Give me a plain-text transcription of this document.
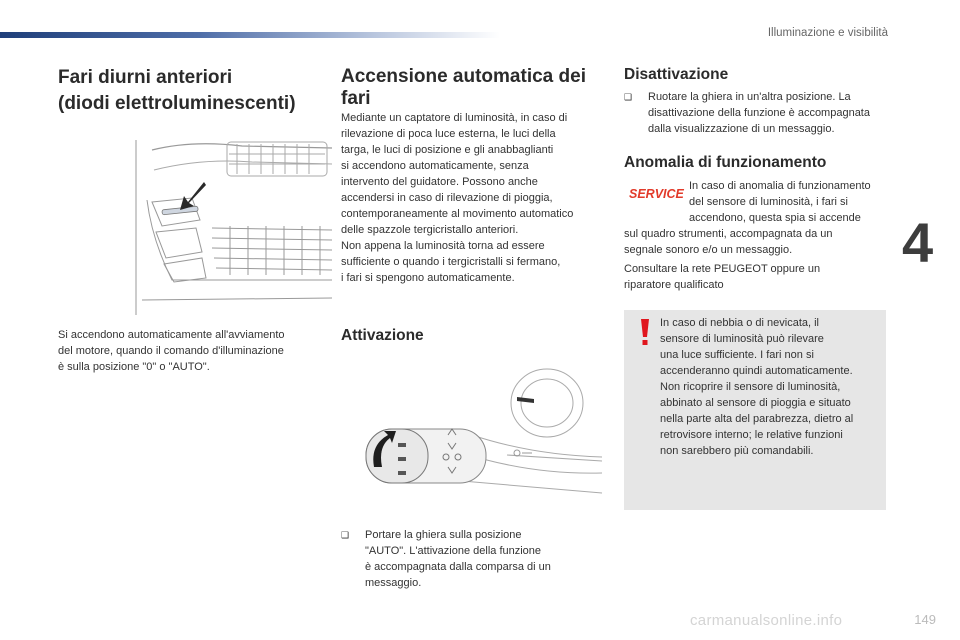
Illuminazione e visibilità
4
Fari diurni anteriori
(diodi elettroluminescenti)
Si accendono automaticamente all'avviamento
del motore, quando il comando d'illuminazione
è sulla posizione "0" o "AUTO".
Accensione automatica dei
fari
Mediante un captatore di luminosità, in caso di
rilevazione di poca luce esterna, le luci della
targa, le luci di posizione e gli anabbaglianti
si accendono automaticamente, senza
intervento del guidatore. Possono anche
accendersi in caso di rilevazione di pioggia,
contemporaneamente al movimento automatico
delle spazzole tergicristallo anteriori.
Non appena la luminosità torna ad essere
sufficiente o quando i tergicristalli si fermano,
i fari si spengono automaticamente.
Attivazione
❑ Portare la ghiera sulla posizione
"AUTO". L'attivazione della funzione
è accompagnata dalla comparsa di un
messaggio.
Disattivazione
❑ Ruotare la ghiera in un'altra posizione. La
disattivazione della funzione è accompagnata
dalla visualizzazione di un messaggio.
Anomalia di funzionamento
SERVICE
In caso di anomalia di funzionamento
del sensore di luminosità, i fari si
accendono, questa spia si accende
sul quadro strumenti, accompagnata da un
segnale sonoro e/o un messaggio.
Consultare la rete PEUGEOT oppure un
riparatore qualificato
In caso di nebbia o di nevicata, il
sensore di luminosità può rilevare
una luce sufficiente. I fari non si
accenderanno quindi automaticamente.
Non ricoprire il sensore di luminosità,
abbinato al sensore di pioggia e situato
nella parte alta del parabrezza, dietro al
retrovisore interno; le relative funzioni
non sarebbero più comandabili.
carmanualsonline.info	149
